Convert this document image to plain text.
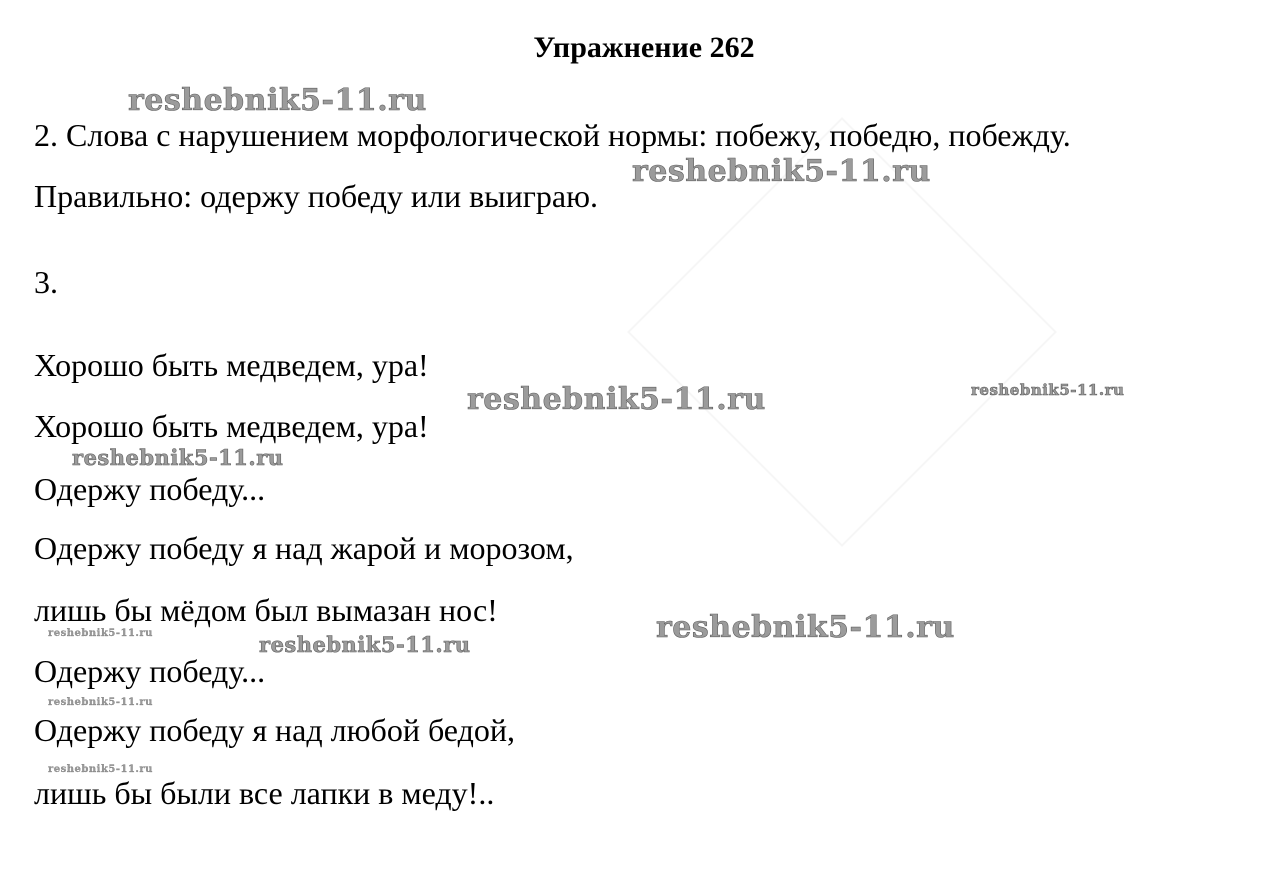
Упражнение 262
2. Слова с нарушением морфологической нормы: побежу, победю, побежду.
Правильно: одержу победу или выиграю.
3.
Хорошо быть медведем, ура!
Хорошо быть медведем, ура!
Одержу победу...
Одержу победу я над жарой и морозом,
лишь бы мёдом был вымазан нос!
Одержу победу...
Одержу победу я над любой бедой,
лишь бы были все лапки в меду!..
reshebnik5-11.ru
reshebnik5-11.ru
reshebnik5-11.ru	reshebnik5-11.ru
reshebnik5-11.ru
reshebnik5-11.ru
reshebnik5-11.ru
reshebnik5-11.ru
reshebnik5-11.ru
reshebnik5-11.ru
